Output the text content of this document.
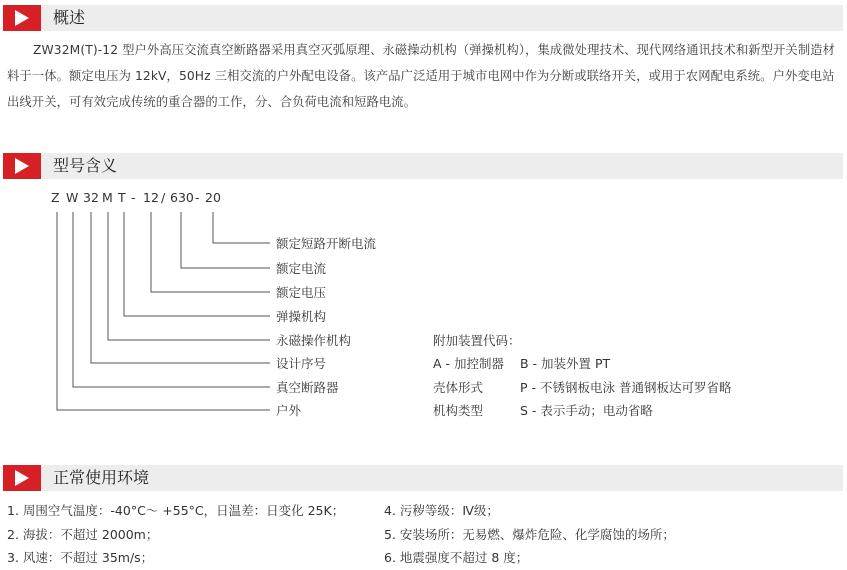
概述

ZW32M(T)-12 型户外高压交流真空断路器采用真空灭弧原理、永磁操动机构（弹操机构），集成微处理技术、现代网络通讯技术和新型开关制造材料于一体。额定电压为 12kV，50Hz 三相交流的户外配电设备。该产品广泛适用于城市电网中作为分断或联络开关，或用于农网配电系统。户外变电站出线开关，可有效完成传统的重合器的工作，分、合负荷电流和短路电流。

型号含义
Z W 32 M T - 12 / 630 - 20
额定短路开断电流
额定电流
额定电压
弹操机构
永磁操作机构
设计序号
真空断路器
户外
附加装置代码：
A - 加控制器 B - 加装外置 PT
壳体形式	P - 不锈钢板电泳 普通钢板达可罗省略
机构类型	S - 表示手动；电动省略
正常使用环境
1. 周围空气温度：-40°C～ +55°C，日温差：日变化 25K；
2. 海拔：不超过 2000m；
3. 风速：不超过 35m/s；
4. 污秽等级：Ⅳ级；
5. 安装场所：无易燃、爆炸危险、化学腐蚀的场所；
6. 地震强度不超过 8 度；
